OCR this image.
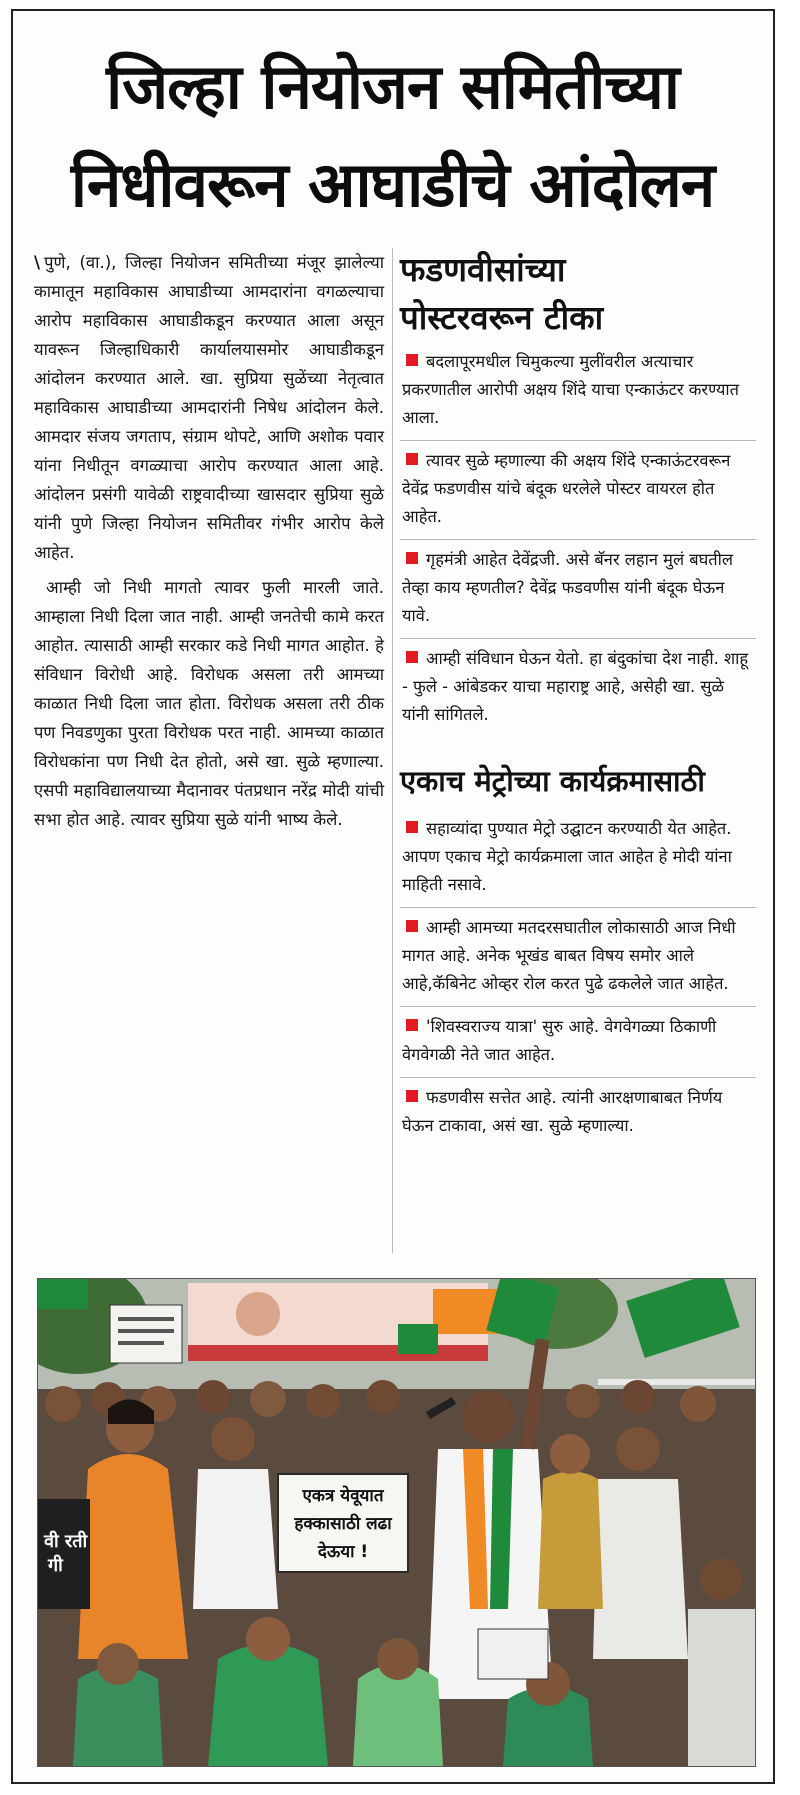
जिल्हा नियोजन समितीच्या
निधीवरून आघाडीचे आंदोलन

\ पुणे, (वा.), जिल्हा नियोजन समितीच्या मंजूर झालेल्या कामातून महाविकास आघाडीच्या आमदारांना वगळल्याचा आरोप महाविकास आघाडीकडून करण्यात आला असून यावरून जिल्हाधिकारी कार्यालयासमोर आघाडीकडून आंदोलन करण्यात आले. खा. सुप्रिया सुळेंच्या नेतृत्वात महाविकास आघाडीच्या आमदारांनी निषेध आंदोलन केले. आमदार संजय जगताप, संग्राम थोपटे, आणि अशोक पवार यांना निधीतून वगळ्याचा आरोप करण्यात आला आहे. आंदोलन प्रसंगी यावेळी राष्ट्रवादीच्या खासदार सुप्रिया सुळे यांनी पुणे जिल्हा नियोजन समितीवर गंभीर आरोप केले आहेत.

आम्ही जो निधी मागतो त्यावर फुली मारली जाते. आम्हाला निधी दिला जात नाही. आम्ही जनतेची कामे करत आहोत. त्यासाठी आम्ही सरकार कडे निधी मागत आहोत. हे संविधान विरोधी आहे. विरोधक असला तरी आमच्या काळात निधी दिला जात होता. विरोधक असला तरी ठीक पण निवडणुका पुरता विरोधक परत नाही. आमच्या काळात विरोधकांना पण निधी देत होतो, असे खा. सुळे म्हणाल्या. एसपी महाविद्यालयाच्या मैदानावर पंतप्रधान नरेंद्र मोदी यांची सभा होत आहे. त्यावर सुप्रिया सुळे यांनी भाष्य केले.

फडणवीसांच्या
पोस्टरवरून टीका

बदलापूरमधील चिमुकल्या मुलींवरील अत्याचार प्रकरणातील आरोपी अक्षय शिंदे याचा एन्काऊंटर करण्यात आला.

त्यावर सुळे म्हणाल्या की अक्षय शिंदे एन्काऊंटरवरून देवेंद्र फडणवीस यांचे बंदूक धरलेले पोस्टर वायरल होत आहेत.

गृहमंत्री आहेत देवेंद्रजी. असे बॅनर लहान मुलं बघतील तेव्हा काय म्हणतील? देवेंद्र फडवणीस यांनी बंदूक घेऊन यावे.

आम्ही संविधान घेऊन येतो. हा बंदुकांचा देश नाही. शाहू - फुले - आंबेडकर याचा महाराष्ट्र आहे, असेही खा. सुळे यांनी सांगितले.

एकाच मेट्रोच्या कार्यक्रमासाठी

सहाव्यांदा पुण्यात मेट्रो उद्घाटन करण्याठी येत आहेत. आपण एकाच मेट्रो कार्यक्रमाला जात आहेत हे मोदी यांना माहिती नसावे.

आम्ही आमच्या मतदरसघातील लोकासाठी आज निधी मागत आहे. अनेक भूखंड बाबत विषय समोर आले आहे,कॅबिनेट ओव्हर रोल करत पुढे ढकलेले जात आहेत.

'शिवस्वराज्य यात्रा' सुरु आहे. वेगवेगळ्या ठिकाणी वेगवेगळी नेते जात आहेत.

फडणवीस सत्तेत आहे. त्यांनी आरक्षणाबाबत निर्णय घेऊन टाकावा, असं खा. सुळे म्हणाल्या.

वी रती
गी
एकत्र येवूयात
हक्कासाठी लढा
देऊया !
